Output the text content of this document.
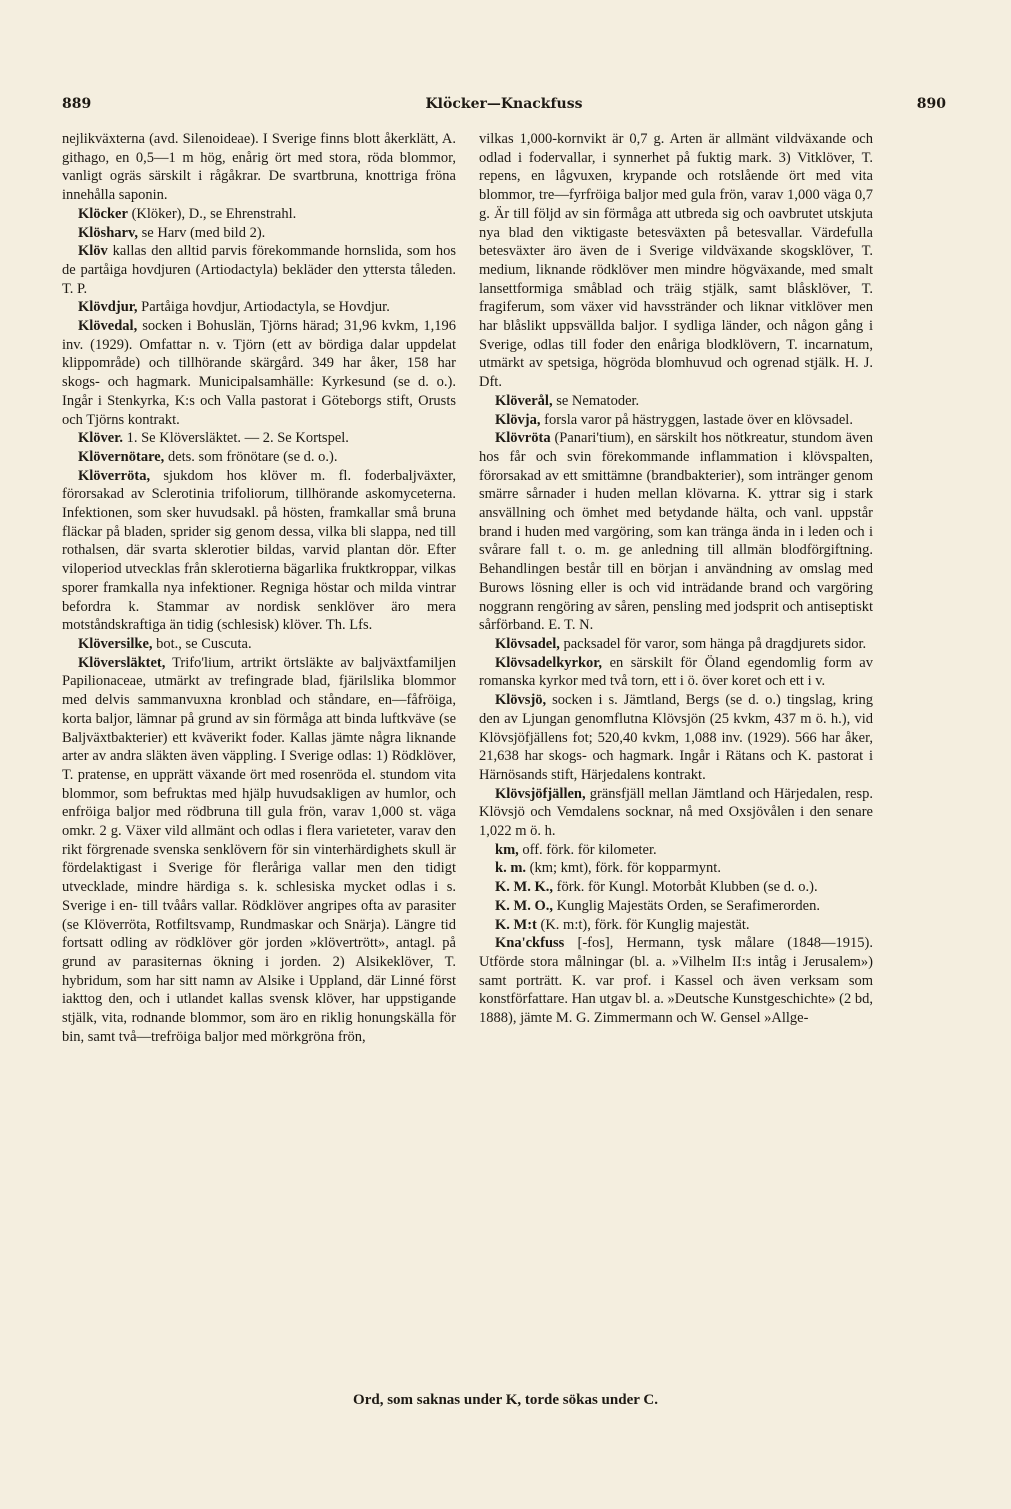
889	Klöcker—Knackfuss	890

nejlikväxterna (avd. Silenoideae). I Sverige finns blott åkerklätt, A. githago, en 0,5—1 m hög, enårig ört med stora, röda blommor, vanligt ogräs särskilt i rågåkrar. De svartbruna, knottriga fröna innehålla saponin.

Klöcker (Klöker), D., se Ehrenstrahl.

Klösharv, se Harv (med bild 2).

Klöv kallas den alltid parvis förekommande hornslida, som hos de partåiga hovdjuren (Artiodactyla) bekläder den yttersta tåleden. T. P.

Klövdjur, Partåiga hovdjur, Artiodactyla, se Hovdjur.

Klövedal, socken i Bohuslän, Tjörns härad; 31,96 kvkm, 1,196 inv. (1929). Omfattar n. v. Tjörn (ett av bördiga dalar uppdelat klippområde) och tillhörande skärgård. 349 har åker, 158 har skogs- och hagmark. Municipalsamhälle: Kyrkesund (se d. o.). Ingår i Stenkyrka, K:s och Valla pastorat i Göteborgs stift, Orusts och Tjörns kontrakt.

Klöver. 1. Se Klöversläktet. — 2. Se Kortspel.

Klövernötare, dets. som frönötare (se d. o.).

Klöverröta, sjukdom hos klöver m. fl. foderbaljväxter, förorsakad av Sclerotinia trifoliorum, tillhörande askomyceterna. Infektionen, som sker huvudsakl. på hösten, framkallar små bruna fläckar på bladen, sprider sig genom dessa, vilka bli slappa, ned till rothalsen, där svarta sklerotier bildas, varvid plantan dör. Efter viloperiod utvecklas från sklerotierna bägarlika fruktkroppar, vilkas sporer framkalla nya infektioner. Regniga höstar och milda vintrar befordra k. Stammar av nordisk senklöver äro mera motståndskraftiga än tidig (schlesisk) klöver. Th. Lfs.

Klöversilke, bot., se Cuscuta.

Klöversläktet, Trifo'lium, artrikt örtsläkte av baljväxtfamiljen Papilionaceae, utmärkt av trefingrade blad, fjärilslika blommor med delvis sammanvuxna kronblad och ståndare, en—fåfröiga, korta baljor, lämnar på grund av sin förmåga att binda luftkväve (se Baljväxtbakterier) ett kväverikt foder. Kallas jämte några liknande arter av andra släkten även väppling. I Sverige odlas: 1) Rödklöver, T. pratense, en upprätt växande ört med rosenröda el. stundom vita blommor, som befruktas med hjälp huvudsakligen av humlor, och enfröiga baljor med rödbruna till gula frön, varav 1,000 st. väga omkr. 2 g. Växer vild allmänt och odlas i flera varieteter, varav den rikt förgrenade svenska senklövern för sin vinterhärdighets skull är fördelaktigast i Sverige för fleråriga vallar men den tidigt utvecklade, mindre härdiga s. k. schlesiska mycket odlas i s. Sverige i en- till tvåårs vallar. Rödklöver angripes ofta av parasiter (se Klöverröta, Rotfiltsvamp, Rundmaskar och Snärja). Längre tid fortsatt odling av rödklöver gör jorden »klövertrött», antagl. på grund av parasiternas ökning i jorden. 2) Alsikeklöver, T. hybridum, som har sitt namn av Alsike i Uppland, där Linné först iakttog den, och i utlandet kallas svensk klöver, har uppstigande stjälk, vita, rodnande blommor, som äro en riklig honungskälla för bin, samt två—trefröiga baljor med mörkgröna frön,

vilkas 1,000-kornvikt är 0,7 g. Arten är allmänt vildväxande och odlad i fodervallar, i synnerhet på fuktig mark. 3) Vitklöver, T. repens, en lågvuxen, krypande och rotslående ört med vita blommor, tre—fyrfröiga baljor med gula frön, varav 1,000 väga 0,7 g. Är till följd av sin förmåga att utbreda sig och oavbrutet utskjuta nya blad den viktigaste betesväxten på betesvallar. Värdefulla betesväxter äro även de i Sverige vildväxande skogsklöver, T. medium, liknande rödklöver men mindre högväxande, med smalt lansettformiga småblad och träig stjälk, samt blåsklöver, T. fragiferum, som växer vid havsstränder och liknar vitklöver men har blåslikt uppsvällda baljor. I sydliga länder, och någon gång i Sverige, odlas till foder den enåriga blodklövern, T. incarnatum, utmärkt av spetsiga, högröda blomhuvud och ogrenad stjälk. H. J. Dft.

Klöverål, se Nematoder.

Klövja, forsla varor på hästryggen, lastade över en klövsadel.

Klövröta (Panari'tium), en särskilt hos nötkreatur, stundom även hos får och svin förekommande inflammation i klövspalten, förorsakad av ett smittämne (brandbakterier), som intränger genom smärre sårnader i huden mellan klövarna. K. yttrar sig i stark ansvällning och ömhet med betydande hälta, och vanl. uppstår brand i huden med vargöring, som kan tränga ända in i leden och i svårare fall t. o. m. ge anledning till allmän blodförgiftning. Behandlingen består till en början i användning av omslag med Burows lösning eller is och vid inträdande brand och vargöring noggrann rengöring av såren, pensling med jodsprit och antiseptiskt sårförband. E. T. N.

Klövsadel, packsadel för varor, som hänga på dragdjurets sidor.

Klövsadelkyrkor, en särskilt för Öland egendomlig form av romanska kyrkor med två torn, ett i ö. över koret och ett i v.

Klövsjö, socken i s. Jämtland, Bergs (se d. o.) tingslag, kring den av Ljungan genomflutna Klövsjön (25 kvkm, 437 m ö. h.), vid Klövsjöfjällens fot; 520,40 kvkm, 1,088 inv. (1929). 566 har åker, 21,638 har skogs- och hagmark. Ingår i Rätans och K. pastorat i Härnösands stift, Härjedalens kontrakt.

Klövsjöfjällen, gränsfjäll mellan Jämtland och Härjedalen, resp. Klövsjö och Vemdalens socknar, nå med Oxsjövålen i den senare 1,022 m ö. h.

km, off. förk. för kilometer.

k. m. (km; kmt), förk. för kopparmynt.

K. M. K., förk. för Kungl. Motorbåt Klubben (se d. o.).

K. M. O., Kunglig Majestäts Orden, se Serafimerorden.

K. M:t (K. m:t), förk. för Kunglig majestät.

Kna'ckfuss [-fos], Hermann, tysk målare (1848—1915). Utförde stora målningar (bl. a. »Vilhelm II:s intåg i Jerusalem») samt porträtt. K. var prof. i Kassel och även verksam som konstförfattare. Han utgav bl. a. »Deutsche Kunstgeschichte» (2 bd, 1888), jämte M. G. Zimmermann och W. Gensel »Allge-

Ord, som saknas under K, torde sökas under C.
